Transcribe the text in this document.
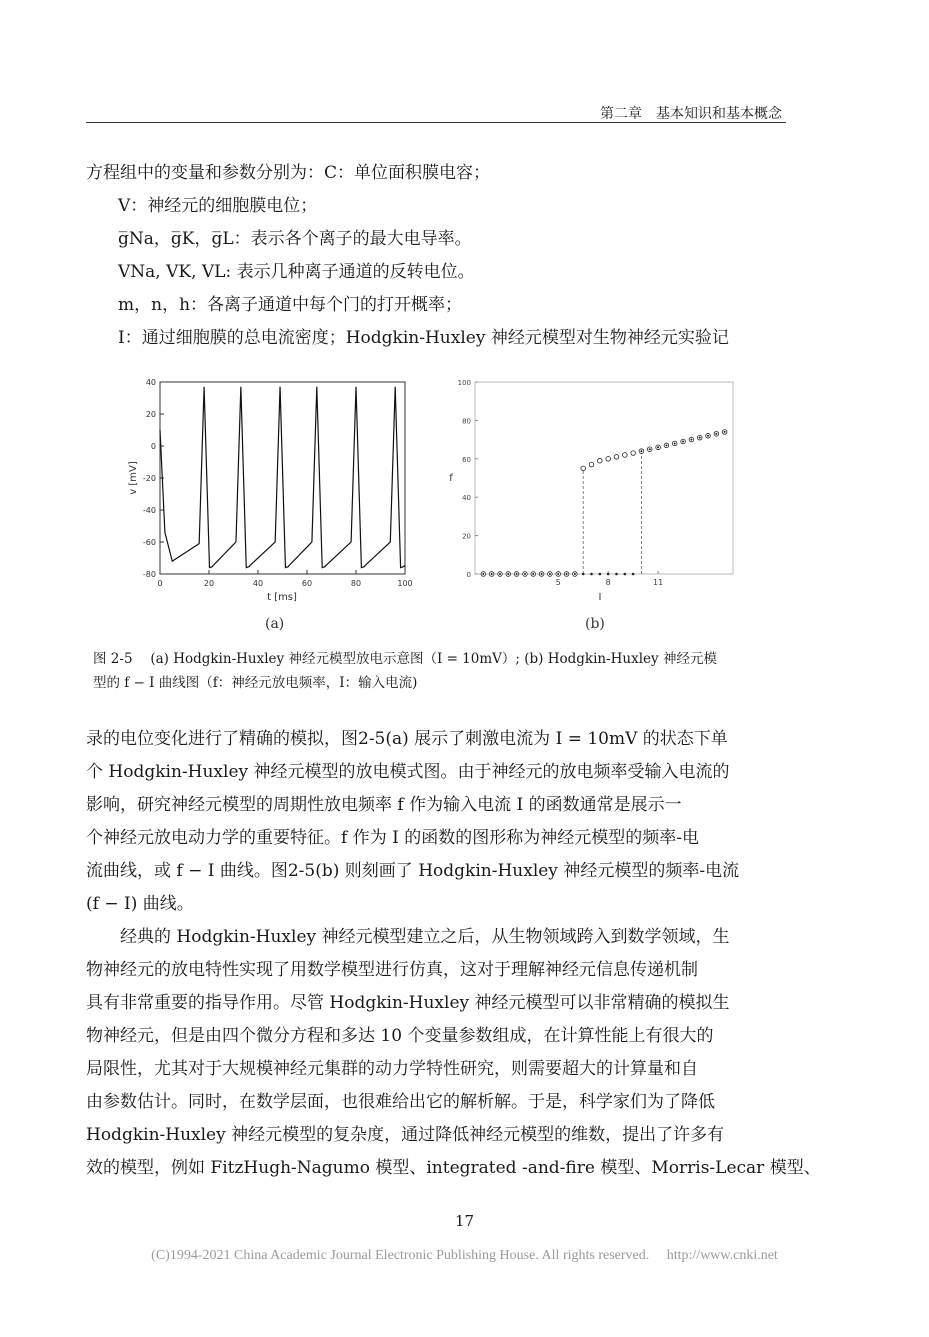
第二章　基本知识和基本概念
方程组中的变量和参数分别为：C：单位面积膜电容；
V：神经元的细胞膜电位；
g̅Na，g̅K，g̅L：表示各个离子的最大电导率。
VNa, VK, VL: 表示几种离子通道的反转电位。
m，n，h：各离子通道中每个门的打开概率；
I：通过细胞膜的总电流密度；Hodgkin-Huxley 神经元模型对生物神经元实验记
40
20
0
-20
-40
-60
-80
0	20	40	60	80	100
t [ms]
v [mV]
0
20
40
60
80
100
5	8	11
I
f
(a)	(b)
图 2-5　 (a) Hodgkin-Huxley 神经元模型放电示意图（I = 10mV）; (b) Hodgkin-Huxley 神经元模
型的 f − I 曲线图（f：神经元放电频率，I：输入电流)
录的电位变化进行了精确的模拟，图2-5(a) 展示了刺激电流为 I = 10mV 的状态下单
个 Hodgkin-Huxley 神经元模型的放电模式图。由于神经元的放电频率受输入电流的
影响，研究神经元模型的周期性放电频率 f 作为输入电流 I 的函数通常是展示一
个神经元放电动力学的重要特征。f 作为 I 的函数的图形称为神经元模型的频率-电
流曲线，或 f − I 曲线。图2-5(b) 则刻画了 Hodgkin-Huxley 神经元模型的频率-电流
(f − I) 曲线。
经典的 Hodgkin-Huxley 神经元模型建立之后，从生物领域跨入到数学领域，生
物神经元的放电特性实现了用数学模型进行仿真，这对于理解神经元信息传递机制
具有非常重要的指导作用。尽管 Hodgkin-Huxley 神经元模型可以非常精确的模拟生
物神经元，但是由四个微分方程和多达 10 个变量参数组成，在计算性能上有很大的
局限性，尤其对于大规模神经元集群的动力学特性研究，则需要超大的计算量和自
由参数估计。同时，在数学层面，也很难给出它的解析解。于是，科学家们为了降低
Hodgkin-Huxley 神经元模型的复杂度，通过降低神经元模型的维数，提出了许多有
效的模型，例如 FitzHugh-Nagumo 模型、integrated -and-fire 模型、Morris-Lecar 模型、
17
(C)1994-2021 China Academic Journal Electronic Publishing House. All rights reserved.　 http://www.cnki.net
